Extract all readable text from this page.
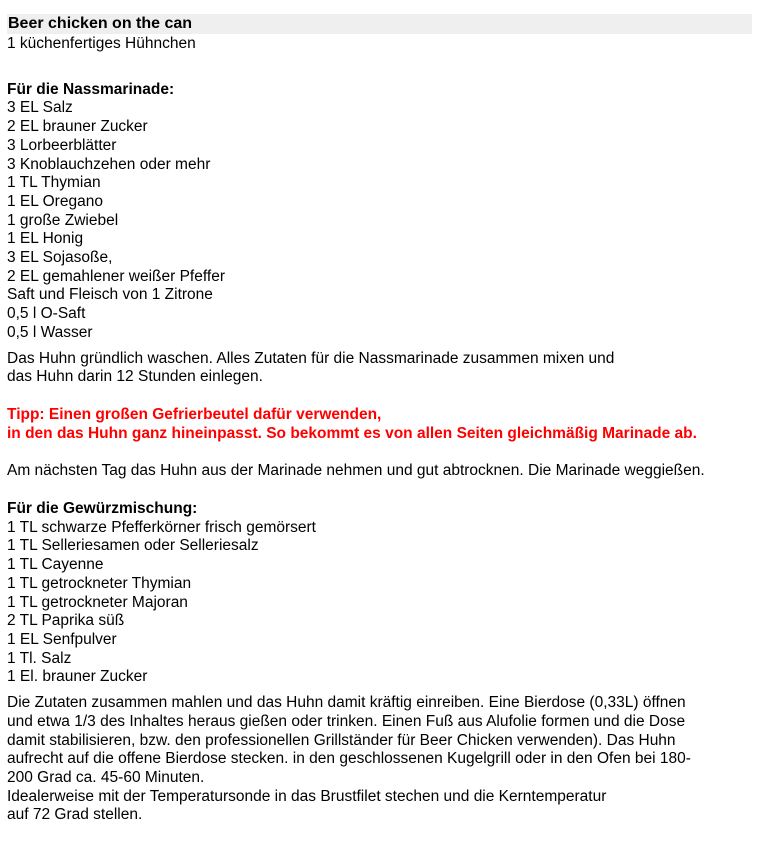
Beer chicken on the can
1 küchenfertiges Hühnchen
Für die Nassmarinade:
3 EL Salz
2 EL brauner Zucker
3 Lorbeerblätter
3 Knoblauchzehen oder mehr
1 TL Thymian
1 EL Oregano
1 große Zwiebel
1 EL Honig
3 EL Sojasoße,
2 EL gemahlener weißer Pfeffer
Saft und Fleisch von 1 Zitrone
0,5 l O-Saft
0,5 l Wasser
Das Huhn gründlich waschen. Alles Zutaten für die Nassmarinade zusammen mixen und
das Huhn darin 12 Stunden einlegen.
Tipp: Einen großen Gefrierbeutel dafür verwenden,
in den das Huhn ganz hineinpasst. So bekommt es von allen Seiten gleichmäßig Marinade ab.
Am nächsten Tag das Huhn aus der Marinade nehmen und gut abtrocknen. Die Marinade weggießen.
Für die Gewürzmischung:
1 TL schwarze Pfefferkörner frisch gemörsert
1 TL Selleriesamen oder Selleriesalz
1 TL Cayenne
1 TL getrockneter Thymian
1 TL getrockneter Majoran
2 TL Paprika süß
1 EL Senfpulver
1 Tl. Salz
1 El. brauner Zucker
Die Zutaten zusammen mahlen und das Huhn damit kräftig einreiben. Eine Bierdose (0,33L) öffnen
und etwa 1/3 des Inhaltes heraus gießen oder trinken. Einen Fuß aus Alufolie formen und die Dose
damit stabilisieren, bzw. den professionellen Grillständer für Beer Chicken verwenden). Das Huhn
aufrecht auf die offene Bierdose stecken. in den geschlossenen Kugelgrill oder in den Ofen bei 180-
200 Grad ca. 45-60 Minuten.
Idealerweise mit der Temperatursonde in das Brustfilet stechen und die Kerntemperatur
auf 72 Grad stellen.
